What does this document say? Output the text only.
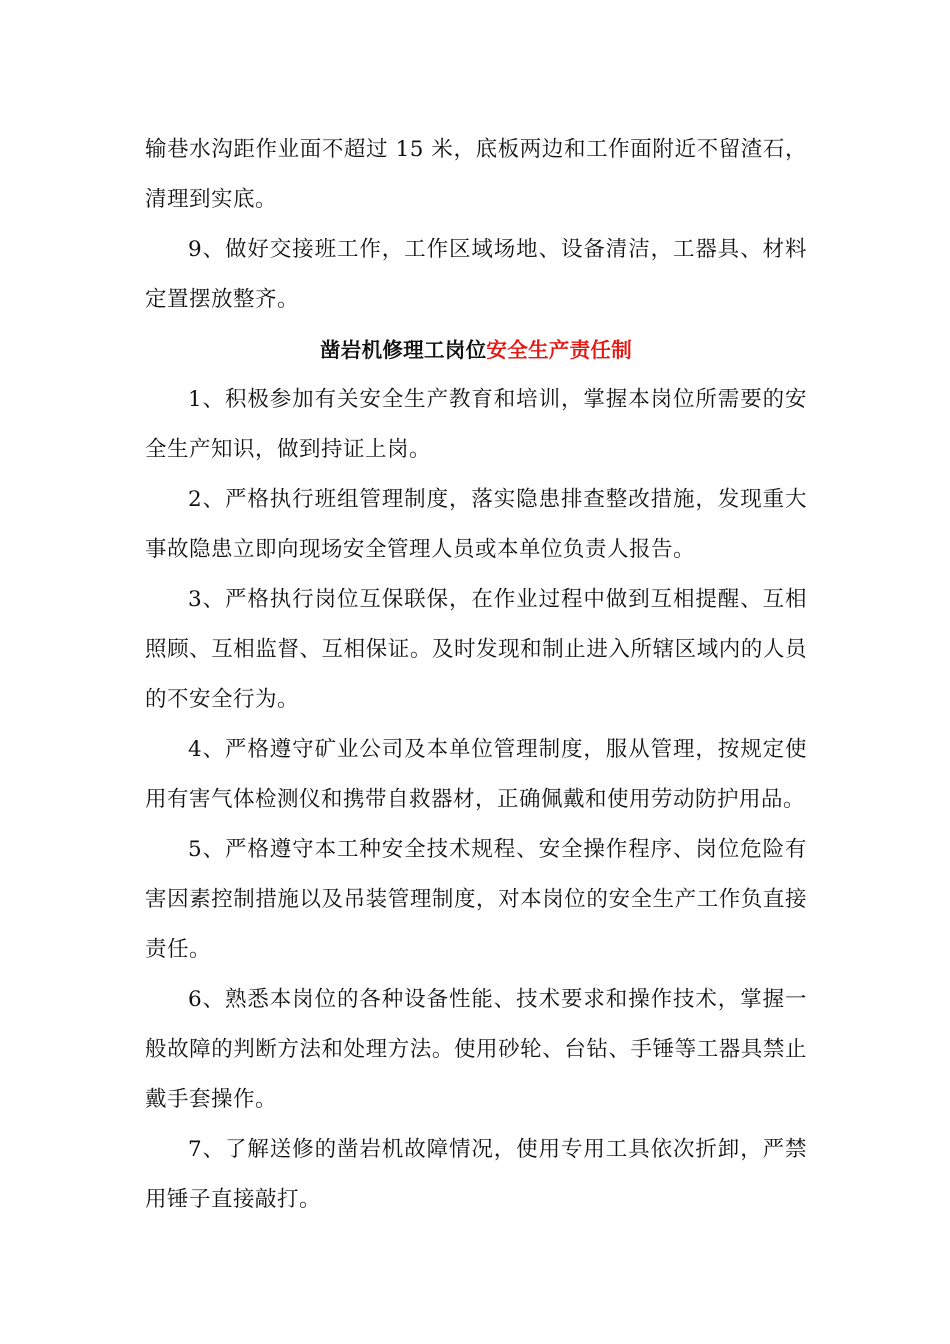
输巷水沟距作业面不超过 15 米，底板两边和工作面附近不留渣石，清理到实底。

9、做好交接班工作，工作区域场地、设备清洁，工器具、材料定置摆放整齐。

凿岩机修理工岗位安全生产责任制

1、积极参加有关安全生产教育和培训，掌握本岗位所需要的安全生产知识，做到持证上岗。

2、严格执行班组管理制度，落实隐患排查整改措施，发现重大事故隐患立即向现场安全管理人员或本单位负责人报告。

3、严格执行岗位互保联保，在作业过程中做到互相提醒、互相照顾、互相监督、互相保证。及时发现和制止进入所辖区域内的人员的不安全行为。

4、严格遵守矿业公司及本单位管理制度，服从管理，按规定使用有害气体检测仪和携带自救器材，正确佩戴和使用劳动防护用品。

5、严格遵守本工种安全技术规程、安全操作程序、岗位危险有害因素控制措施以及吊装管理制度，对本岗位的安全生产工作负直接责任。

6、熟悉本岗位的各种设备性能、技术要求和操作技术，掌握一般故障的判断方法和处理方法。使用砂轮、台钻、手锤等工器具禁止戴手套操作。

7、了解送修的凿岩机故障情况，使用专用工具依次折卸，严禁用锤子直接敲打。
